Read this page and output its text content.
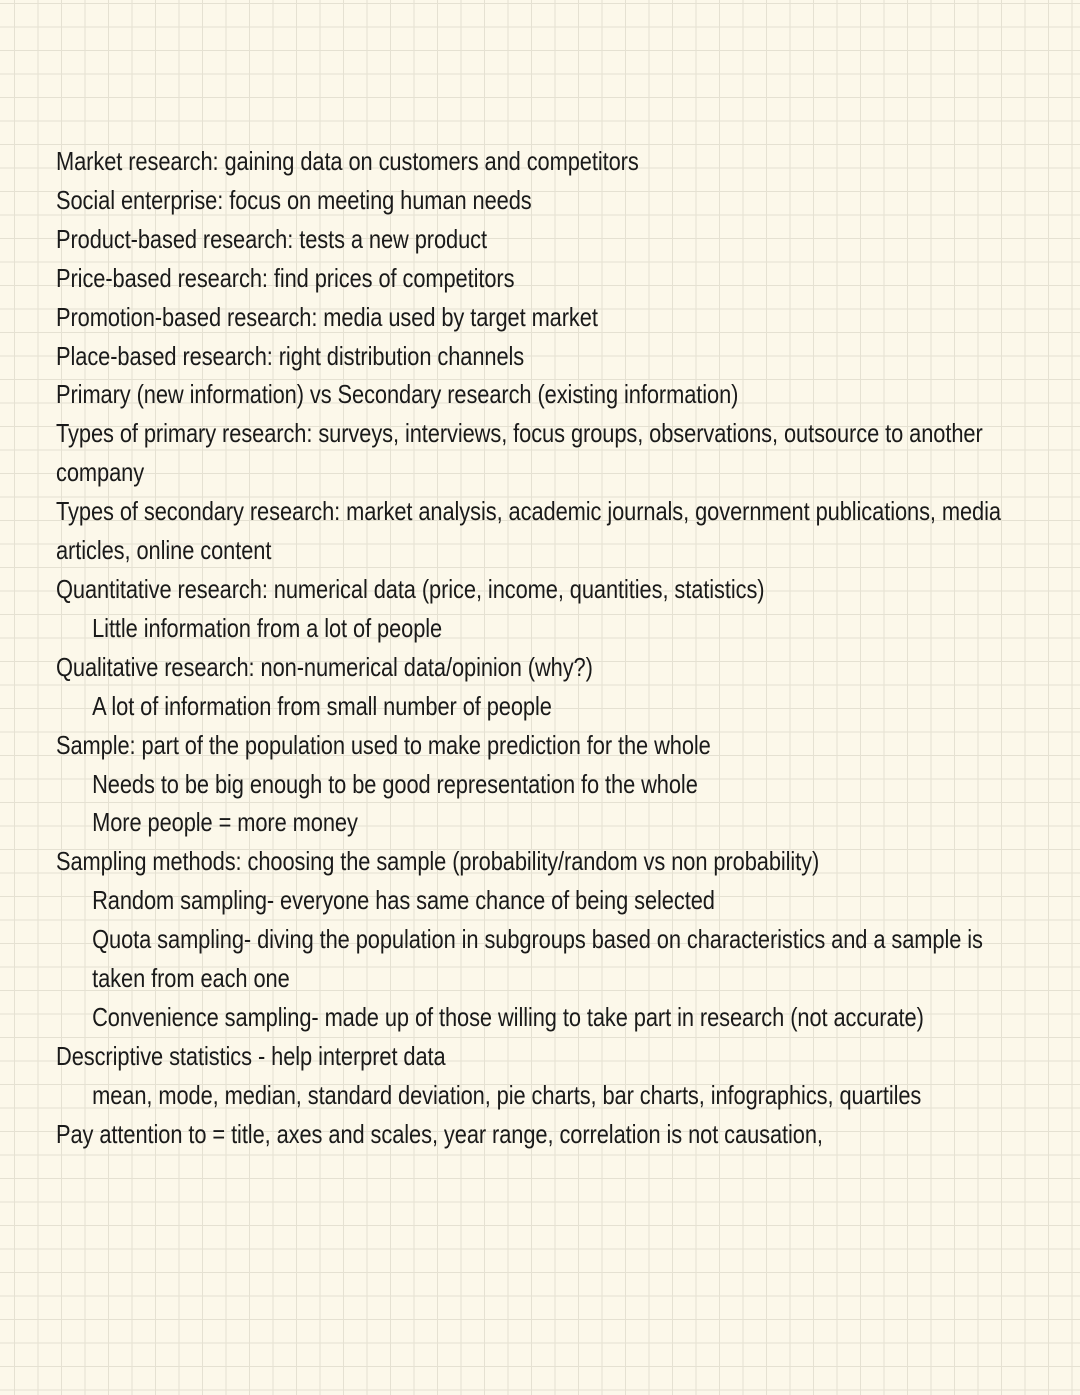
Market research: gaining data on customers and competitors
Social enterprise: focus on meeting human needs
Product-based research: tests a new product
Price-based research: find prices of competitors
Promotion-based research: media used by target market
Place-based research: right distribution channels
Primary (new information) vs Secondary research (existing information)
Types of primary research: surveys, interviews, focus groups, observations, outsource to another
company
Types of secondary research: market analysis, academic journals, government publications, media
articles, online content
Quantitative research: numerical data (price, income, quantities, statistics)
Little information from a lot of people
Qualitative research: non-numerical data/opinion (why?)
A lot of information from small number of people
Sample: part of the population used to make prediction for the whole
Needs to be big enough to be good representation fo the whole
More people = more money
Sampling methods: choosing the sample (probability/random vs non probability)
Random sampling- everyone has same chance of being selected
Quota sampling- diving the population in subgroups based on characteristics and a sample is
taken from each one
Convenience sampling- made up of those willing to take part in research (not accurate)
Descriptive statistics - help interpret data
mean, mode, median, standard deviation, pie charts, bar charts, infographics, quartiles
Pay attention to = title, axes and scales, year range, correlation is not causation,
